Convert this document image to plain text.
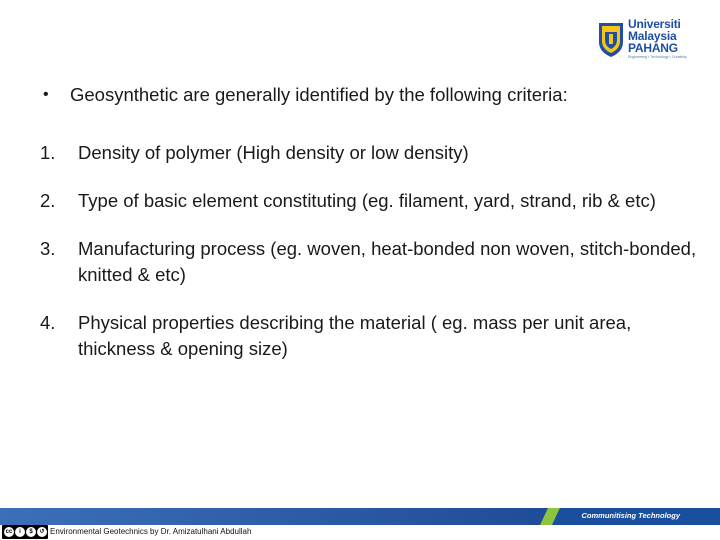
Universiti
Malaysia
PAHANG
Engineering • Technology • Creativity
• Geosynthetic are generally identified by the following criteria:
1. Density of polymer (High density or low density)
2. Type of basic element constituting (eg. filament, yard, strand, rib & etc)
3. Manufacturing process (eg. woven, heat-bonded non woven, stitch-bonded, knitted & etc)
4. Physical properties describing the material ( eg. mass per unit area, thickness & opening size)
Communitising Technology
cc	i	$	↺ Environmental Geotechnics by Dr. Amizatulhani Abdullah
